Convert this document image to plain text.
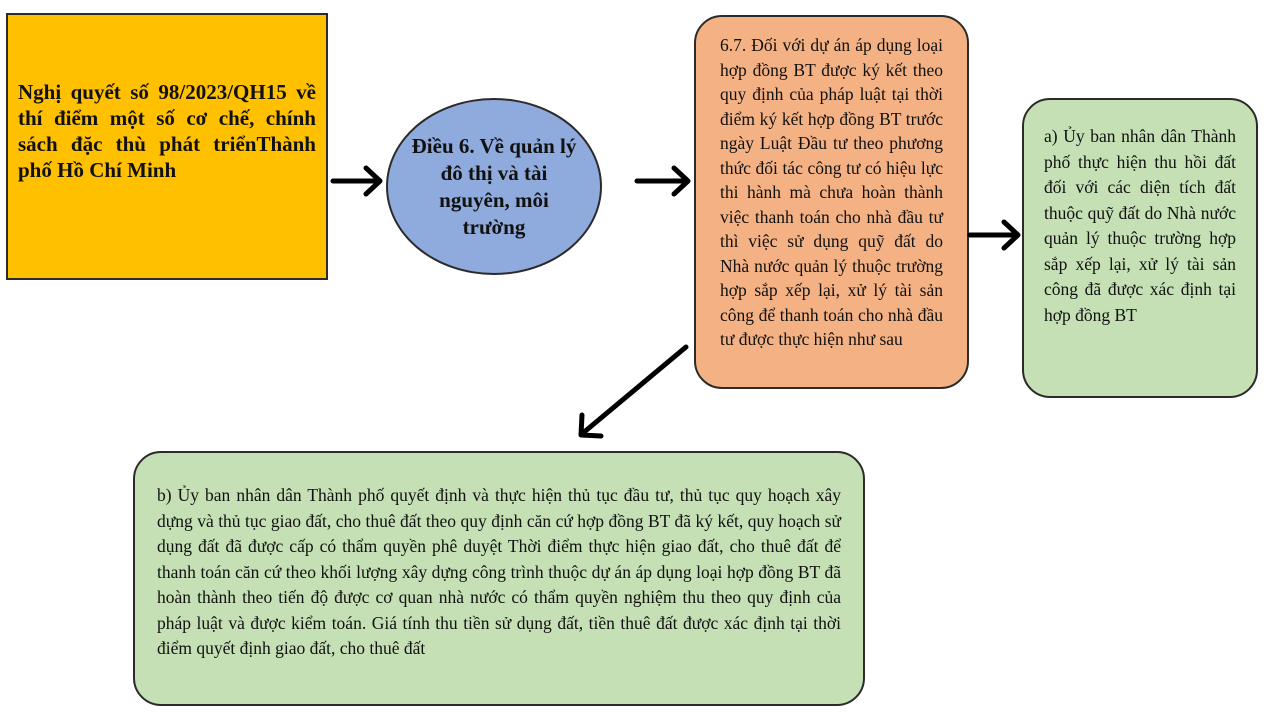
Nghị quyết số 98/2023/QH15 về thí điểm một số cơ chế, chính sách đặc thù phát triểnThành phố Hồ Chí Minh
Điều 6. Về quản lý đô thị và tài nguyên, môi trường
6.7. Đối với dự án áp dụng loại hợp đồng BT được ký kết theo quy định của pháp luật tại thời điểm ký kết hợp đồng BT trước ngày Luật Đầu tư theo phương thức đối tác công tư có hiệu lực thi hành mà chưa hoàn thành việc thanh toán cho nhà đầu tư thì việc sử dụng quỹ đất do Nhà nước quản lý thuộc trường hợp sắp xếp lại, xử lý tài sản công để thanh toán cho nhà đầu tư được thực hiện như sau
a) Ủy ban nhân dân Thành phố thực hiện thu hồi đất đối với các diện tích đất thuộc quỹ đất do Nhà nước quản lý thuộc trường hợp sắp xếp lại, xử lý tài sản công đã được xác định tại hợp đồng BT
b) Ủy ban nhân dân Thành phố quyết định và thực hiện thủ tục đầu tư, thủ tục quy hoạch xây dựng và thủ tục giao đất, cho thuê đất theo quy định căn cứ hợp đồng BT đã ký kết, quy hoạch sử dụng đất đã được cấp có thẩm quyền phê duyệt Thời điểm thực hiện giao đất, cho thuê đất để thanh toán căn cứ theo khối lượng xây dựng công trình thuộc dự án áp dụng loại hợp đồng BT đã hoàn thành theo tiến độ được cơ quan nhà nước có thẩm quyền nghiệm thu theo quy định của pháp luật và được kiểm toán. Giá tính thu tiền sử dụng đất, tiền thuê đất được xác định tại thời điểm quyết định giao đất, cho thuê đất
